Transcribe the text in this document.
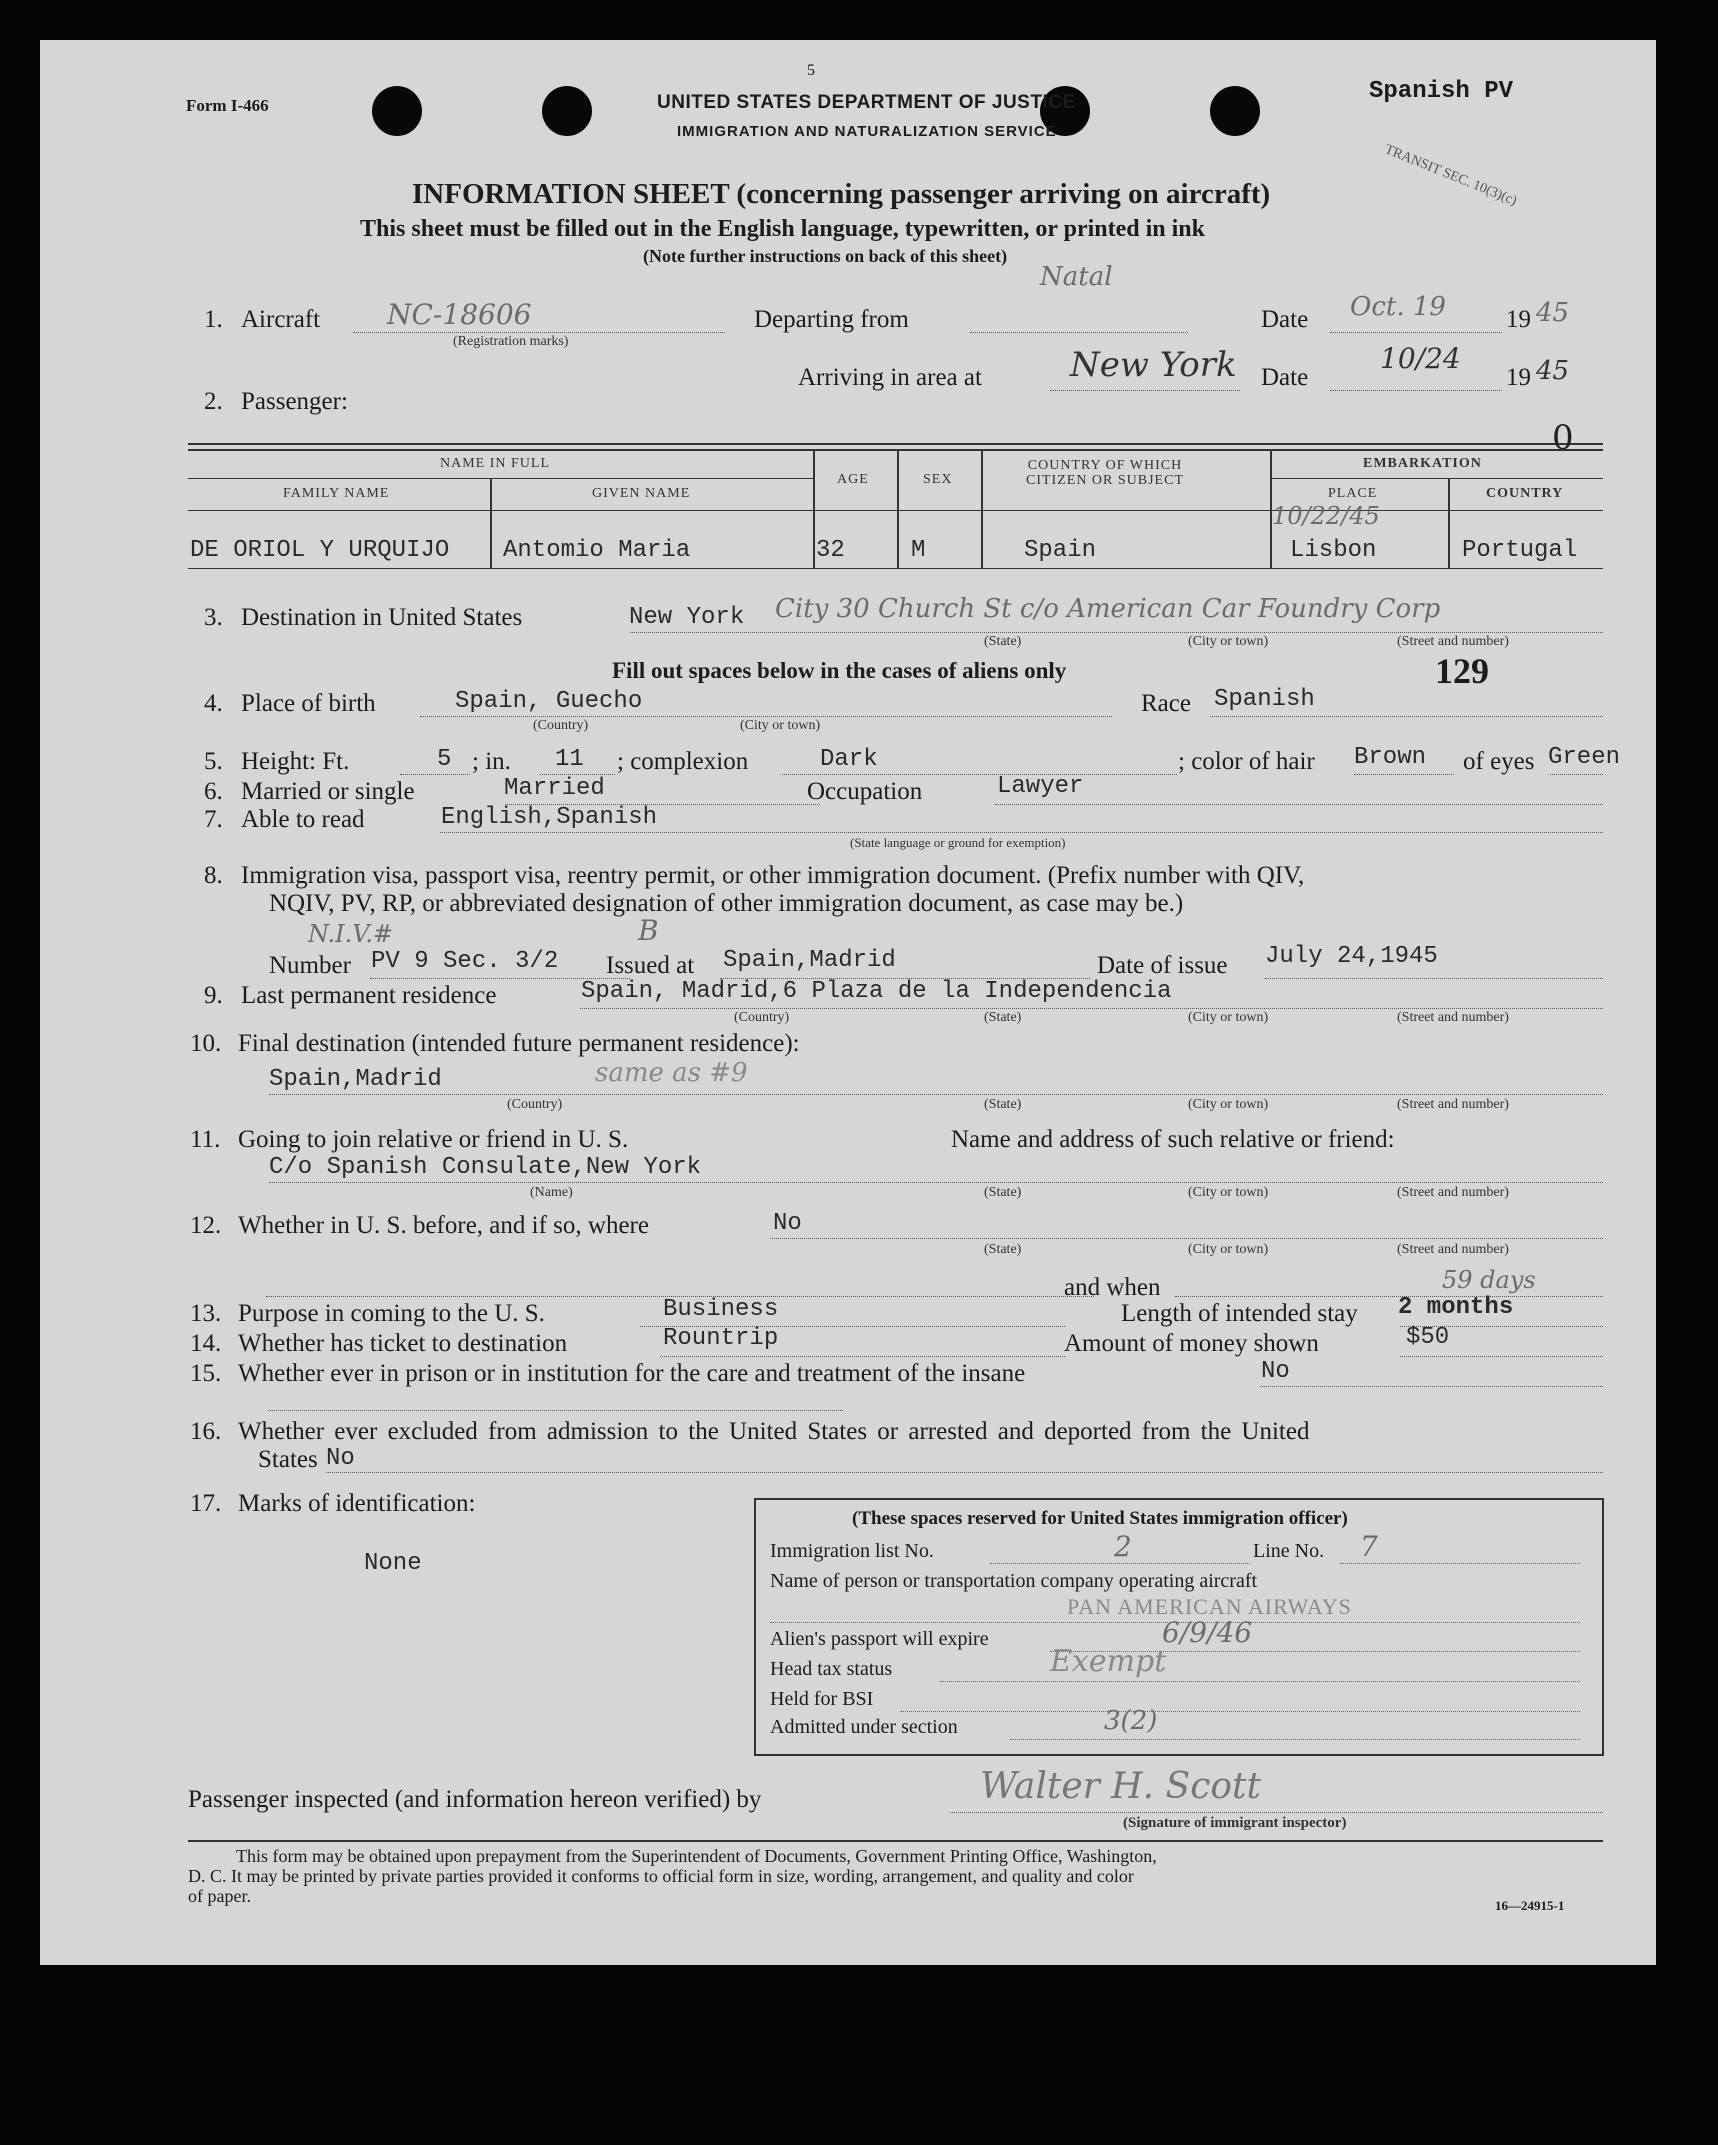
Form I-466
5
UNITED STATES DEPARTMENT OF JUSTICE
IMMIGRATION AND NATURALIZATION SERVICE
Spanish PV
TRANSIT SEC. 10(3)(c)
INFORMATION SHEET (concerning passenger arriving on aircraft)
This sheet must be filled out in the English language, typewritten, or printed in ink
(Note further instructions on back of this sheet)
1. Aircraft NC-18606
(Registration marks)
Departing from
Natal
Date Oct. 19 19 45
Arriving in area at	New York Date
10/24
19 45
2. Passenger:
0
NAME IN FULL
FAMILY NAME	GIVEN NAME
AGE	SEX
COUNTRY OF WHICH CITIZEN OR SUBJECT
EMBARKATION
PLACE	COUNTRY
DE ORIOL Y URQUIJO Antomio Maria	32	M	Spain
10/22/45
Lisbon	Portugal
3. Destination in United States	New York City 30 Church St c/o American Car Foundry Corp
(State)	(City or town)	(Street and number)
Fill out spaces below in the cases of aliens only	129
4. Place of birth	Spain, Guecho
(Country)	(City or town)
Race Spanish
5. Height: Ft.	5 ; in. 11 ; complexion	Dark	; color of hair Brown of eyes Green
6. Married or single	Married	Occupation	Lawyer
7. Able to read	English,Spanish
(State language or ground for exemption)
8. Immigration visa, passport visa, reentry permit, or other immigration document. (Prefix number with QIV,
NQIV, PV, RP, or abbreviated designation of other immigration document, as case may be.)
N.I.V.#	B
Number PV 9 Sec. 3/2 Issued at Spain,Madrid	Date of issue July 24,1945
9. Last permanent residence	Spain, Madrid,6 Plaza de la Independencia
(Country)	(State)	(City or town)	(Street and number)
10. Final destination (intended future permanent residence):
Spain,Madrid	same as #9
(Country)	(State)	(City or town)	(Street and number)
11. Going to join relative or friend in U. S.	Name and address of such relative or friend:
C/o Spanish Consulate,New York
(Name)	(State)	(City or town)	(Street and number)
12. Whether in U. S. before, and if so, where	No
(State)	(City or town)	(Street and number)
and when
13. Purpose in coming to the U. S.	Business	Length of intended stay 2 months
59 days
14. Whether has ticket to destination	Rountrip	Amount of money shown	$50
15. Whether ever in prison or in institution for the care and treatment of the insane	No
16. Whether ever excluded from admission to the United States or arrested and deported from the United
States No
17. Marks of identification:
None
(These spaces reserved for United States immigration officer)
Immigration list No.	2	Line No. 7
Name of person or transportation company operating aircraft
PAN AMERICAN AIRWAYS
Alien's passport will expire	6/9/46
Head tax status	Exempt
Held for BSI
Admitted under section	3(2)
Passenger inspected (and information hereon verified) by	Walter H. Scott
(Signature of immigrant inspector)
This form may be obtained upon prepayment from the Superintendent of Documents, Government Printing Office, Washington,
D. C. It may be printed by private parties provided it conforms to official form in size, wording, arrangement, and quality and color
of paper.	16—24915-1
